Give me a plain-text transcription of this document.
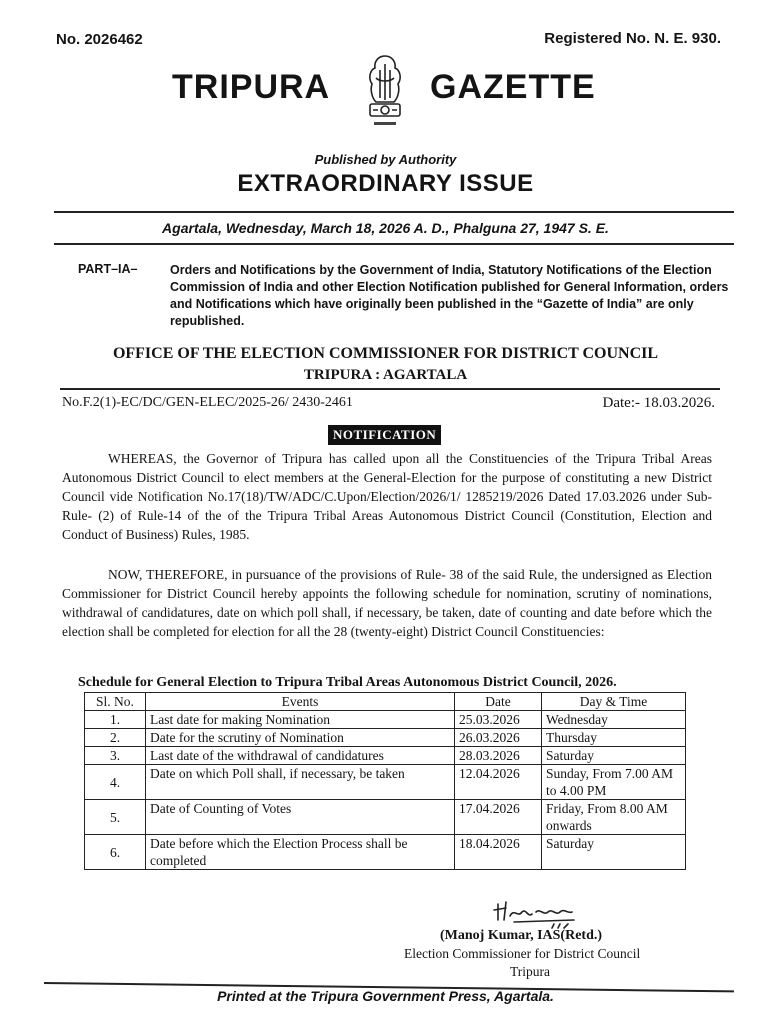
No. 2026462	Registered No. N. E. 930.
TRIPURA	GAZETTE
Published by Authority
EXTRAORDINARY ISSUE
Agartala, Wednesday, March 18, 2026 A. D., Phalguna 27, 1947 S. E.
PART–IA–	Orders and Notifications by the Government of India, Statutory Notifications of the Election Commission of India and other Election Notification published for General Information, orders and Notifications which have originally been published in the “Gazette of India” are only republished.
OFFICE OF THE ELECTION COMMISSIONER FOR DISTRICT COUNCIL
TRIPURA : AGARTALA
No.F.2(1)-EC/DC/GEN-ELEC/2025-26/ 2430-2461	Date:- 18.03.2026.
NOTIFICATION
WHEREAS, the Governor of Tripura has called upon all the Constituencies of the Tripura Tribal Areas Autonomous District Council to elect members at the General-Election for the purpose of constituting a new District Council vide Notification No.17(18)/TW/ADC/C.Upon/Election/2026/1/ 1285219/2026 Dated 17.03.2026 under Sub-Rule- (2) of Rule-14 of the of the Tripura Tribal Areas Autonomous District Council (Constitution, Election and Conduct of Business) Rules, 1985.
NOW, THEREFORE, in pursuance of the provisions of Rule- 38 of the said Rule, the undersigned as Election Commissioner for District Council hereby appoints the following schedule for nomination, scrutiny of nominations, withdrawal of candidatures, date on which poll shall, if necessary, be taken, date of counting and date before which the election shall be completed for election for all the 28 (twenty-eight) District Council Constituencies:
Schedule for General Election to Tripura Tribal Areas Autonomous District Council, 2026.
Sl. No.	Events	Date	Day & Time
1.	Last date for making Nomination	25.03.2026	Wednesday
2.	Date for the scrutiny of Nomination	26.03.2026	Thursday
3.	Last date of the withdrawal of candidatures	28.03.2026	Saturday
4.	Date on which Poll shall, if necessary, be taken	12.04.2026	Sunday, From 7.00 AM to 4.00 PM
5.	Date of Counting of Votes	17.04.2026	Friday, From 8.00 AM onwards
6.	Date before which the Election Process shall be completed	18.04.2026	Saturday
(Manoj Kumar, IAS(Retd.)
Election Commissioner for District Council
Tripura
Printed at the Tripura Government Press, Agartala.
